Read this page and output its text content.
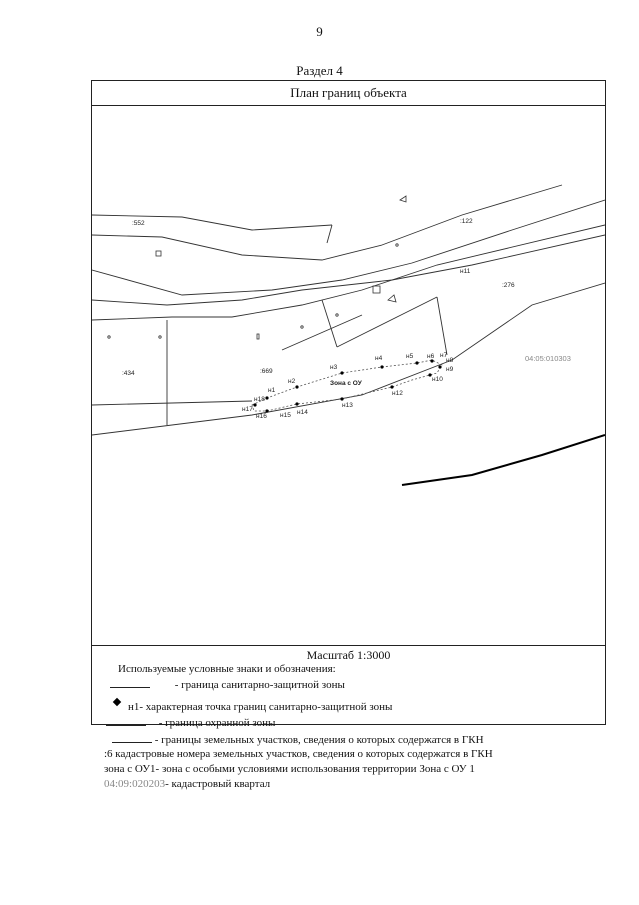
9
Раздел 4
План границ объекта
:552	:122
:276
:434	:669
Зона с ОУ
04:05:010303
н1
н2
н3
н4	н5 н6 н7
н8
н9
н10
н11
н12
н13
н14
н15
н16
н17
н18
Масштаб 1:3000
Используемые условные знаки и обозначения:
- граница санитарно-защитной зоны
н1- характерная точка границ санитарно-защитной зоны
- граница охранной зоны
- границы земельных участков, сведения о которых содержатся в ГКН
:6 кадастровые номера земельных участков, сведения о которых содержатся в ГКН
зона с ОУ1- зона с особыми условиями использования территории Зона с ОУ 1
04:09:020203- кадастровый квартал
